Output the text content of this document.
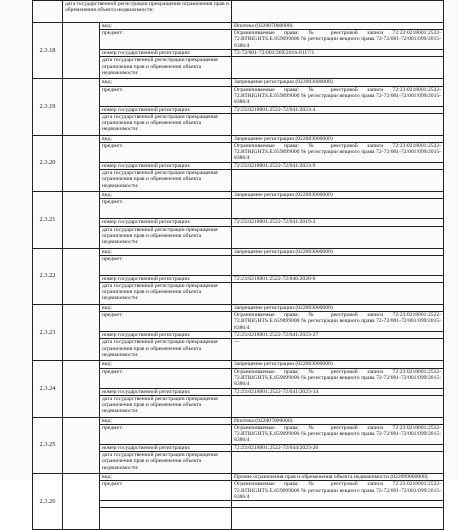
	дата государственной регистрации прекращения ограничения прав и обременения объекта недвижимости:		
2.3.18		вид:	Ипотека (022007000000)
		предмет:	Ограничиваемые права: № реестровой записи 72:23:0218001:2522-72.RTRIGHTS.E.659099000 № регистрации вещного права 72-72/001-72/001/099/2015-8386/4
		номер государственной регистрации:	72-72/001-72/001/269/2016-8117/1
		дата государственной регистрации прекращения ограничения прав и обременения объекта недвижимости:	
2.3.19		вид:	Запрещение регистрации (022003000000)
		предмет:	Ограничиваемые права: № реестровой записи 72:23:0218001:2522-72.RTRIGHTS.E.659099000 № регистрации вещного права 72-72/001-72/001/099/2015-8386/4
		номер государственной регистрации:	72:23:0218001:2522-72/041/2023-4
		дата государственной регистрации прекращения ограничения прав и обременения объекта недвижимости:	
2.3.20		вид:	Запрещение регистрации (022003000000)
		предмет:	Ограничиваемые права: № реестровой записи 72:23:0218001:2522-72.RTRIGHTS.E.659099000 № регистрации вещного права 72-72/001-72/001/099/2015-8386/4
		номер государственной регистрации:	72:23:0218001:2522-72/041/2023-9
		дата государственной регистрации прекращения ограничения прав и обременения объекта недвижимости:	
2.3.21		вид:	Запрещение регистрации (022003000000)
		предмет:	
		номер государственной регистрации:	72:23:0218001:2522-72/041/2019-3
		дата государственной регистрации прекращения ограничения прав и обременения объекта недвижимости:	
2.3.22		вид:	Запрещение регистрации (022003000000)
		предмет:	
		номер государственной регистрации:	72:23:0218001:2522-72/046/2020-6
		дата государственной регистрации прекращения ограничения прав и обременения объекта недвижимости:	
2.3.23		вид:	Запрещение регистрации (022003000000)
		предмет:	Ограничиваемые права: № реестровой записи 72:23:0218001:2522-72.RTRIGHTS.E.659099000 № регистрации вещного права 72-72/001-72/001/099/2015-8386/4
		номер государственной регистрации:	72:23:0218001:2522-72/041/2023-27
		дата государственной регистрации прекращения ограничения прав и обременения объекта недвижимости:	---
2.3.24		вид:	Запрещение регистрации (022003000000)
		предмет:	Ограничиваемые права: № реестровой записи 72:23:0218001:2522-72.RTRIGHTS.E.659099000 № регистрации вещного права 72-72/001-72/001/099/2015-8386/4
		номер государственной регистрации:	72:23:0218001:2522-72/041/2023-34
		дата государственной регистрации прекращения ограничения прав и обременения объекта недвижимости:	
2.3.25		вид:	Ипотека (022007000000)
		предмет:	Ограничиваемые права: № реестровой записи 72:23:0218001:2522-72.RTRIGHTS.E.659099000 № регистрации вещного права 72-72/001-72/001/099/2015-8386/4
		номер государственной регистрации:	72:23:0218001:2522-72/044/2023-26
		дата государственной регистрации прекращения ограничения прав и обременения объекта недвижимости:	
2.3.26		вид:	Прочие ограничения прав и обременения объекта недвижимости (022099000000)
		предмет:	Ограничиваемые права: № реестровой записи 72:23:0218001:2522-72.RTRIGHTS.E.659099000 № регистрации вещного права 72-72/001-72/001/099/2015-8386/4
